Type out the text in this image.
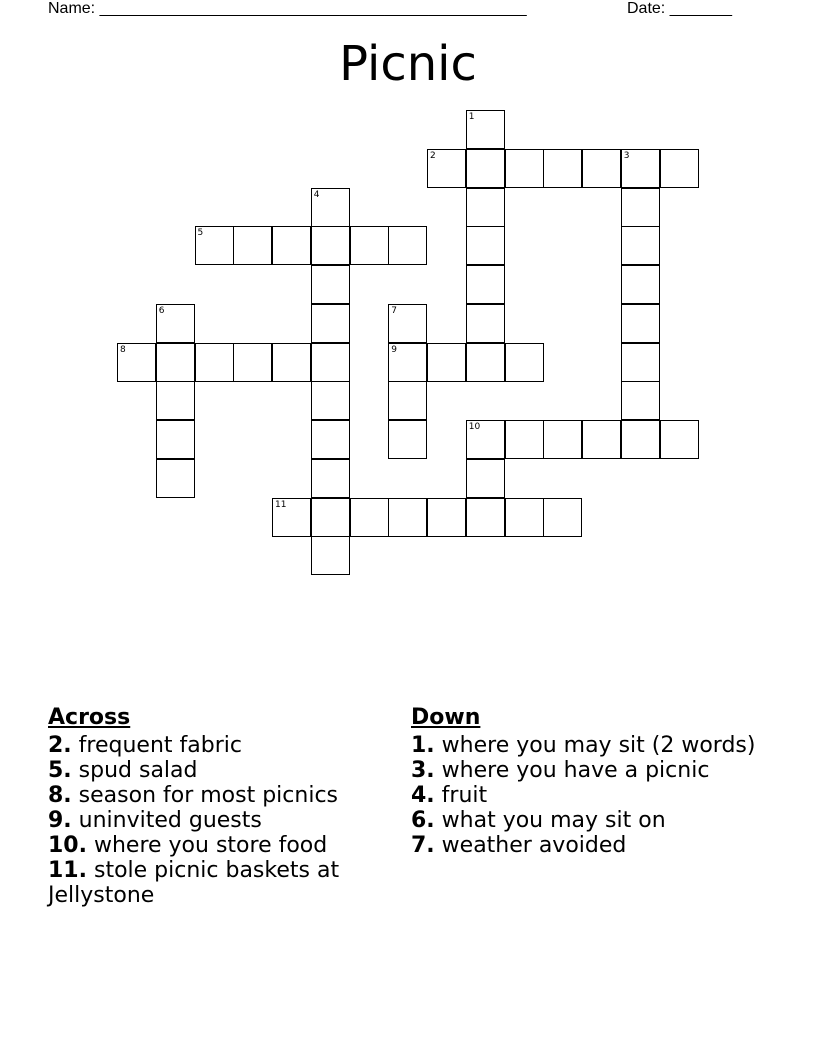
Name: ________________________________________________	Date: _______
Picnic
1
2	3
4
5
6	7
8	9
10
11
Across

2. frequent fabric

5. spud salad

8. season for most picnics

9. uninvited guests

10. where you store food

11. stole picnic baskets at Jellystone

Down

1. where you may sit (2 words)

3. where you have a picnic

4. fruit

6. what you may sit on

7. weather avoided
